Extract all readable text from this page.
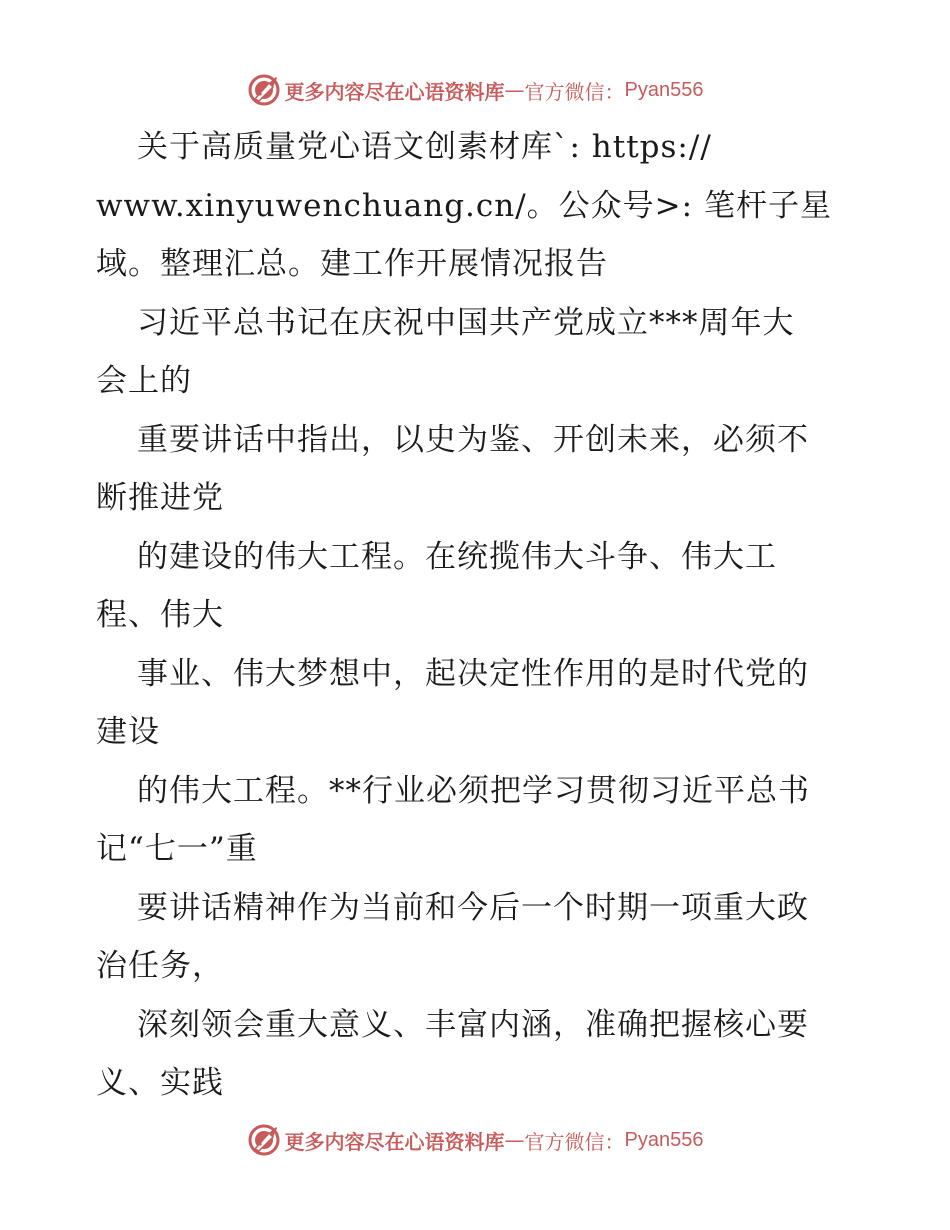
更多内容尽在心语资料库 — 官方微信： Pyan556
关于高质量党心语文创素材库`: https://
www.xinyuwenchuang.cn/。公众号>: 笔杆子星
域。整理汇总。建工作开展情况报告
习近平总书记在庆祝中国共产党成立***周年大
会上的
重要讲话中指出，以史为鉴、开创未来，必须不
断推进党
的建设的伟大工程。在统揽伟大斗争、伟大工
程、伟大
事业、伟大梦想中，起决定性作用的是时代党的
建设
的伟大工程。**行业必须把学习贯彻习近平总书
记“七一”重
要讲话精神作为当前和今后一个时期一项重大政
治任务，
深刻领会重大意义、丰富内涵，准确把握核心要
义、实践
更多内容尽在心语资料库 — 官方微信： Pyan556
